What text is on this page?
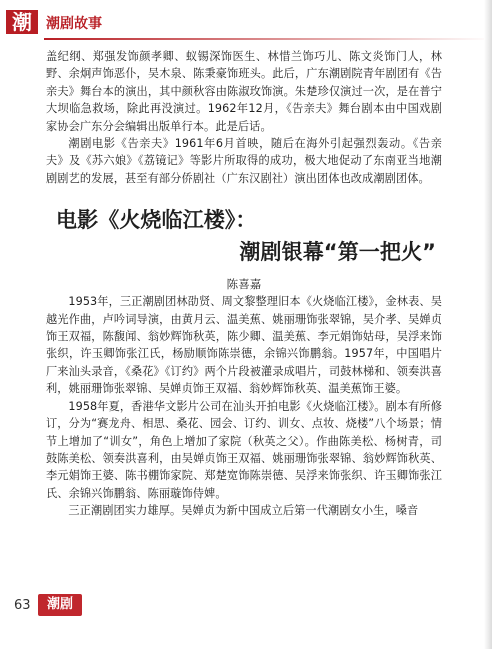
潮	潮剧故事

盖纪纲、郑强发饰颜孝卿、蚁锡深饰医生、林惜兰饰巧儿、陈文炎饰门人，林野、余炯声饰恶仆，吴木泉、陈秉豪饰班头。此后，广东潮剧院青年剧团有《告亲夫》舞台本的演出，其中颜秋容由陈淑玫饰演。朱楚珍仅演过一次，是在普宁大坝临急救场，除此再没演过。1962年12月，《告亲夫》舞台剧本由中国戏剧家协会广东分会编辑出版单行本。此是后话。

潮剧电影《告亲夫》1961年6月首映，随后在海外引起强烈轰动。《告亲夫》及《苏六娘》《荔镜记》等影片所取得的成功，极大地促动了东南亚当地潮剧剧艺的发展，甚至有部分侨剧社（广东汉剧社）演出团体也改成潮剧团体。

电影《火烧临江楼》：
潮剧银幕“第一把火”
陈喜嘉

1953年，三正潮剧团林劭贤、周文黎整理旧本《火烧临江楼》，金林表、吴越光作曲，卢吟词导演，由黄月云、温美蕉、姚丽珊饰张翠锦，吴介孝、吴婵贞饰王双福，陈馥闻、翁妙辉饰秋英，陈少卿、温美蕉、李元娟饰姑母，吴浮来饰张织，许玉卿饰张江氏，杨励顺饰陈崇德，余锦兴饰鹏翁。1957年，中国唱片厂来汕头录音，《桑花》《订约》两个片段被灌录成唱片，司鼓林梯和、领奏洪喜利，姚丽珊饰张翠锦、吴婵贞饰王双福、翁妙辉饰秋英、温美蕉饰王婆。

1958年夏，香港华文影片公司在汕头开拍电影《火烧临江楼》。剧本有所修订，分为“赛龙舟、相思、桑花、园会、订约、训女、点妆、烧楼”八个场景；情节上增加了“训女”，角色上增加了家院（秋英之父）。作曲陈美松、杨树青，司鼓陈美松、领奏洪喜利，由吴婵贞饰王双福、姚丽珊饰张翠锦、翁妙辉饰秋英、李元娟饰王婆、陈书棚饰家院、郑楚宽饰陈崇德、吴浮来饰张织、许玉卿饰张江氏、余锦兴饰鹏翁、陈丽璇饰侍婢。

三正潮剧团实力雄厚。吴婵贞为新中国成立后第一代潮剧女小生，嗓音

63	潮剧
